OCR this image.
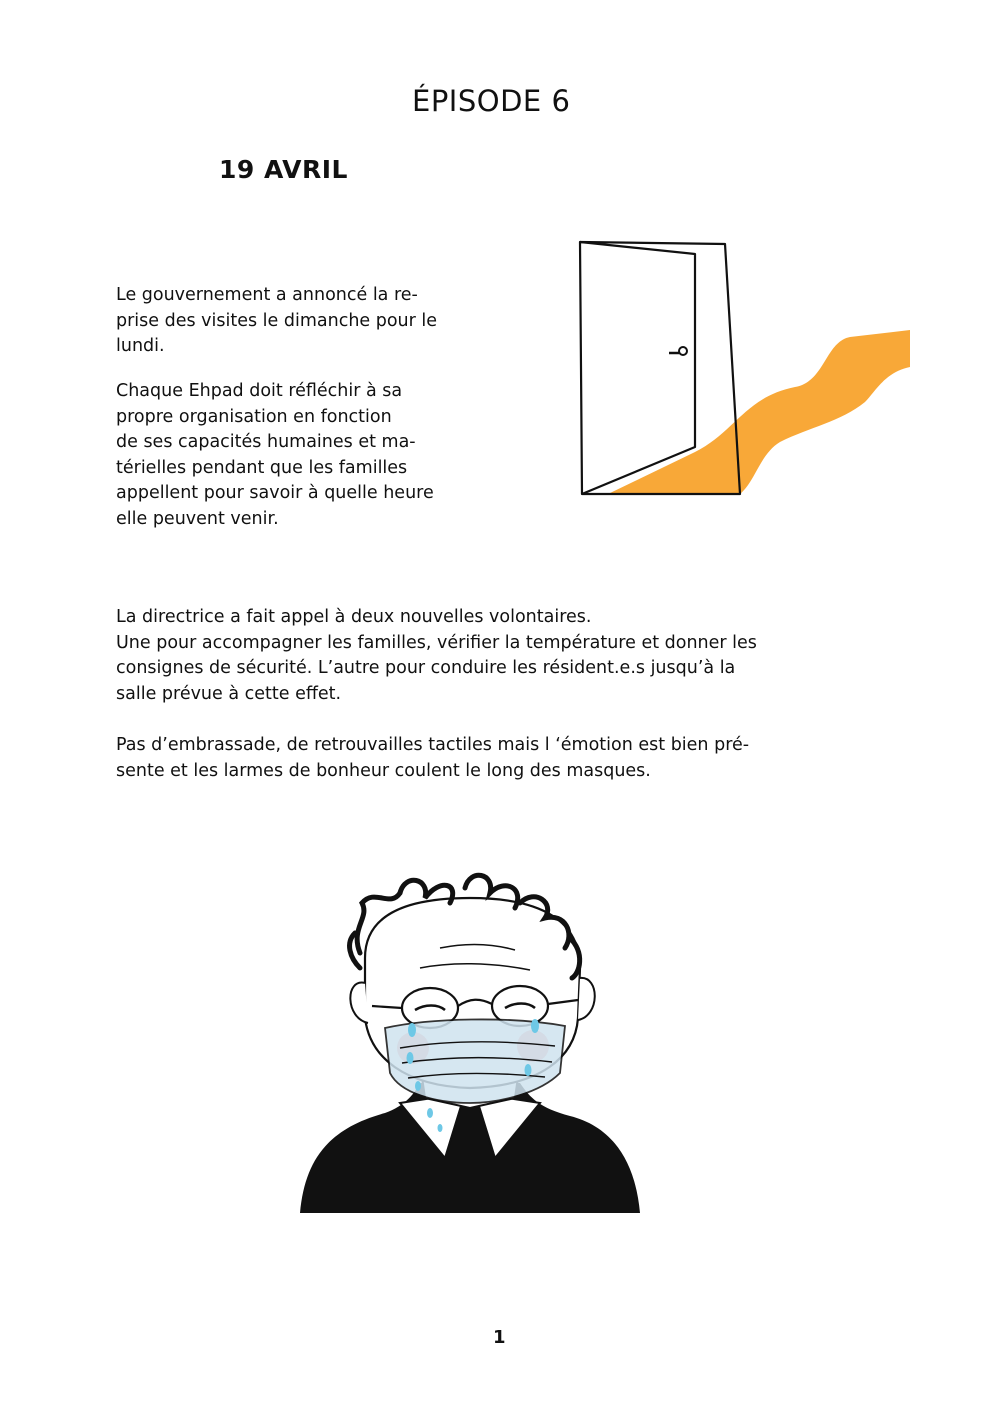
ÉPISODE 6
19 AVRIL

Le gouvernement a annoncé la re-
prise des visites le dimanche pour le
lundi.

Chaque Ehpad doit réfléchir à sa
propre organisation en fonction
de ses capacités humaines et ma-
térielles pendant que les familles
appellent pour savoir à quelle heure
elle peuvent venir.

La directrice a fait appel à deux nouvelles volontaires.
Une pour accompagner les familles, vérifier la température et donner les
consignes de sécurité. L’autre pour conduire les résident.e.s jusqu’à la
salle prévue à cette effet.

Pas d’embrassade, de retrouvailles tactiles mais l ‘émotion est bien pré-
sente et les larmes de bonheur coulent le long des masques.

1
